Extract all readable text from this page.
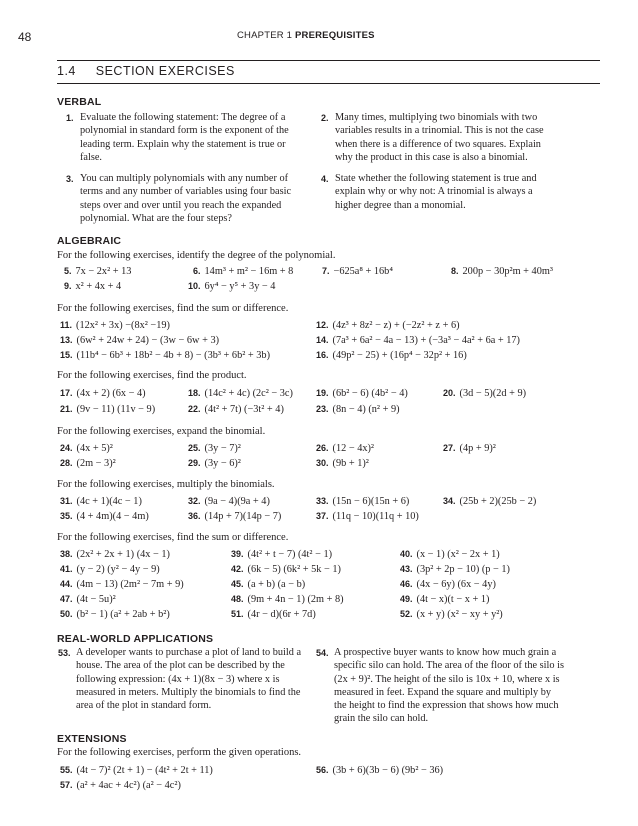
48	CHAPTER 1 PREREQUISITES
1.4     SECTION EXERCISES
VERBAL
1. Evaluate the following statement: The degree of a polynomial in standard form is the exponent of the leading term. Explain why the statement is true or false.
2. Many times, multiplying two binomials with two variables results in a trinomial. This is not the case when there is a difference of two squares. Explain why the product in this case is also a binomial.
3. You can multiply polynomials with any number of terms and any number of variables using four basic steps over and over until you reach the expanded polynomial. What are the four steps?
4. State whether the following statement is true and explain why or why not: A trinomial is always a higher degree than a monomial.
ALGEBRAIC
For the following exercises, identify the degree of the polynomial.
5. 7x − 2x² + 13	6. 14m³ + m² − 16m + 8	7. −625a⁸ + 16b⁴	8. 200p − 30p²m + 40m³
9. x² + 4x + 4	10. 6y⁴ − y⁵ + 3y − 4
For the following exercises, find the sum or difference.
11. (12x² + 3x) −(8x² −19)	12. (4z³ + 8z² − z) + (−2z² + z + 6)
13. (6w² + 24w + 24) − (3w − 6w + 3)	14. (7a³ + 6a² − 4a − 13) + (−3a³ − 4a² + 6a + 17)
15. (11b⁴ − 6b³ + 18b² − 4b + 8) − (3b³ + 6b² + 3b)	16. (49p² − 25) + (16p⁴ − 32p² + 16)
For the following exercises, find the product.
17. (4x + 2) (6x − 4)	18. (14c² + 4c) (2c² − 3c)	19. (6b² − 6) (4b² − 4)	20. (3d − 5)(2d + 9)
21. (9v − 11) (11v − 9)	22. (4t² + 7t) (−3t² + 4)	23. (8n − 4) (n² + 9)
For the following exercises, expand the binomial.
24. (4x + 5)²	25. (3y − 7)²	26. (12 − 4x)²	27. (4p + 9)²
28. (2m − 3)²	29. (3y − 6)²	30. (9b + 1)²
For the following exercises, multiply the binomials.
31. (4c + 1)(4c − 1)	32. (9a − 4)(9a + 4)	33. (15n − 6)(15n + 6)	34. (25b + 2)(25b − 2)
35. (4 + 4m)(4 − 4m)	36. (14p + 7)(14p − 7)	37. (11q − 10)(11q + 10)
For the following exercises, find the sum or difference.
38. (2x² + 2x + 1) (4x − 1)	39. (4t² + t − 7) (4t² − 1)	40. (x − 1) (x² − 2x + 1)
41. (y − 2) (y² − 4y − 9)	42. (6k − 5) (6k² + 5k − 1)	43. (3p² + 2p − 10) (p − 1)
44. (4m − 13) (2m² − 7m + 9)	45. (a + b) (a − b)	46. (4x − 6y) (6x − 4y)
47. (4t − 5u)²	48. (9m + 4n − 1) (2m + 8)	49. (4t − x)(t − x + 1)
50. (b² − 1) (a² + 2ab + b²)	51. (4r − d)(6r + 7d)	52. (x + y) (x² − xy + y²)
REAL-WORLD APPLICATIONS
53. A developer wants to purchase a plot of land to build a house. The area of the plot can be described by the following expression: (4x + 1)(8x − 3) where x is measured in meters. Multiply the binomials to find the area of the plot in standard form.
54. A prospective buyer wants to know how much grain a specific silo can hold. The area of the floor of the silo is (2x + 9)². The height of the silo is 10x + 10, where x is measured in feet. Expand the square and multiply by the height to find the expression that shows how much grain the silo can hold.
EXTENSIONS
For the following exercises, perform the given operations.
55. (4t − 7)² (2t + 1) − (4t² + 2t + 11)	56. (3b + 6)(3b − 6) (9b² − 36)
57. (a² + 4ac + 4c²) (a² − 4c²)
